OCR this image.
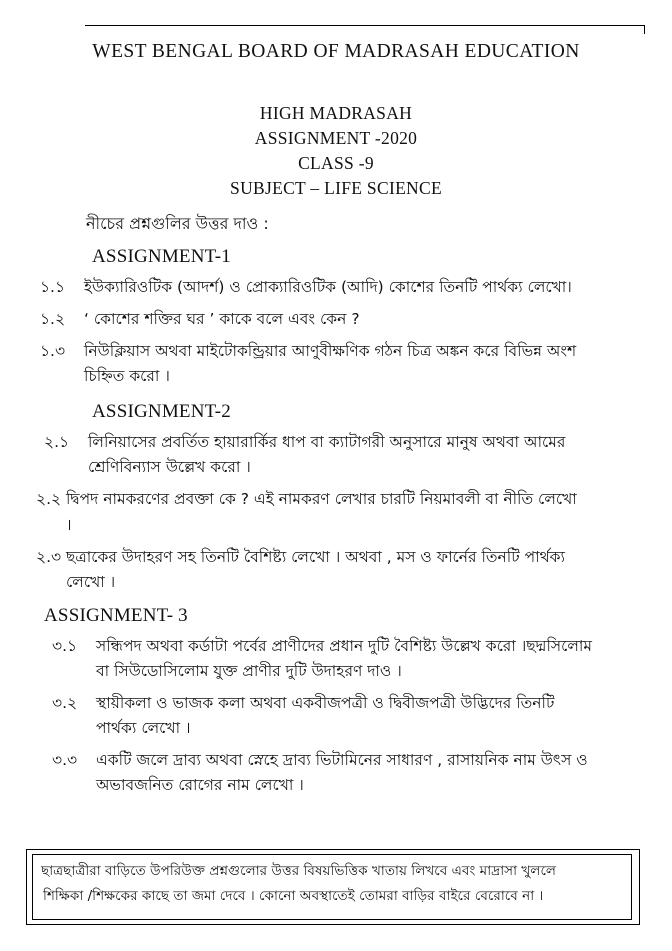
WEST BENGAL BOARD OF MADRASAH EDUCATION
HIGH MADRASAH
ASSIGNMENT -2020
CLASS -9
SUBJECT – LIFE SCIENCE
নীচের প্রশ্নগুলির উত্তর দাও :
ASSIGNMENT-1
১.১	ইউক্যারিওটিক (আদর্শ) ও প্রোক্যারিওটিক (আদি) কোশের তিনটি পার্থক্য লেখো।
১.২	‘ কোশের শক্তির ঘর ’ কাকে বলে এবং কেন ?
১.৩	নিউক্লিয়াস অথবা মাইটোকন্ড্রিয়ার আণুবীক্ষণিক গঠন চিত্র অঙ্কন করে বিভিন্ন অংশ চিহ্নিত করো ।
ASSIGNMENT-2
২.১	লিনিয়াসের প্রবর্তিত হায়ারার্কির ধাপ বা ক্যাটাগরী অনুসারে মানুষ অথবা আমের শ্রেণিবিন্যাস উল্লেখ করো ।
২.২ দ্বিপদ নামকরণের প্রবক্তা কে ? এই নামকরণ লেখার চারটি নিয়মাবলী বা নীতি লেখো ।
২.৩ ছত্রাকের উদাহরণ সহ তিনটি বৈশিষ্ট্য লেখো । অথবা , মস ও ফার্নের তিনটি পার্থক্য লেখো ।
ASSIGNMENT- 3
৩.১	সন্ধিপদ অথবা কর্ডাটা পর্বের প্রাণীদের প্রধান দুটি বৈশিষ্ট্য উল্লেখ করো ।ছদ্মসিলোম বা সিউডোসিলোম যুক্ত প্রাণীর দুটি উদাহরণ দাও ।
৩.২	স্থায়ীকলা ও ভাজক কলা অথবা একবীজপত্রী ও দ্বিবীজপত্রী উদ্ভিদের তিনটি পার্থক্য লেখো ।
৩.৩	একটি জলে দ্রাব্য অথবা স্নেহে দ্রাব্য ভিটামিনের সাধারণ , রাসায়নিক নাম উৎস ও অভাবজনিত রোগের নাম লেখো ।
ছাত্রছাত্রীরা বাড়িতে উপরিউক্ত প্রশ্নগুলোর উত্তর বিষয়ভিত্তিক খাতায় লিখবে এবং মাদ্রাসা খুললে
শিক্ষিকা /শিক্ষকের কাছে তা জমা দেবে । কোনো অবস্থাতেই তোমরা বাড়ির বাইরে বেরোবে না ।
